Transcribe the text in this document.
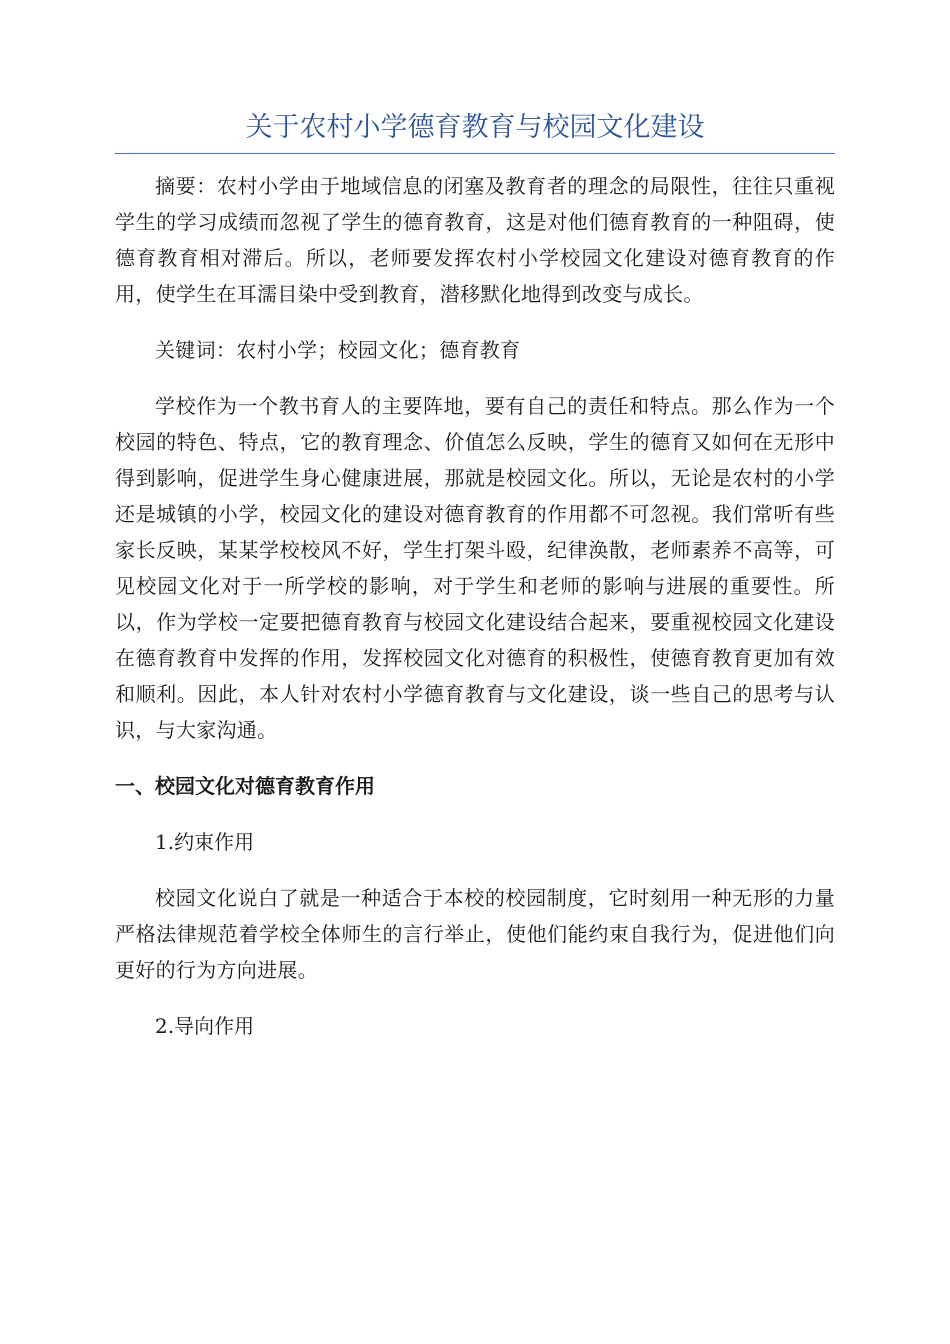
关于农村小学德育教育与校园文化建设

摘要：农村小学由于地域信息的闭塞及教育者的理念的局限性，往往只重视学生的学习成绩而忽视了学生的德育教育，这是对他们德育教育的一种阻碍，使德育教育相对滞后。所以，老师要发挥农村小学校园文化建设对德育教育的作用，使学生在耳濡目染中受到教育，潜移默化地得到改变与成长。

关键词：农村小学；校园文化；德育教育

学校作为一个教书育人的主要阵地，要有自己的责任和特点。那么作为一个校园的特色、特点，它的教育理念、价值怎么反映，学生的德育又如何在无形中得到影响，促进学生身心健康进展，那就是校园文化。所以，无论是农村的小学还是城镇的小学，校园文化的建设对德育教育的作用都不可忽视。我们常听有些家长反映，某某学校校风不好，学生打架斗殴，纪律涣散，老师素养不高等，可见校园文化对于一所学校的影响，对于学生和老师的影响与进展的重要性。所以，作为学校一定要把德育教育与校园文化建设结合起来，要重视校园文化建设在德育教育中发挥的作用，发挥校园文化对德育的积极性，使德育教育更加有效和顺利。因此，本人针对农村小学德育教育与文化建设，谈一些自己的思考与认识，与大家沟通。

一、校园文化对德育教育作用

1.约束作用

校园文化说白了就是一种适合于本校的校园制度，它时刻用一种无形的力量严格法律规范着学校全体师生的言行举止，使他们能约束自我行为，促进他们向更好的行为方向进展。

2.导向作用
